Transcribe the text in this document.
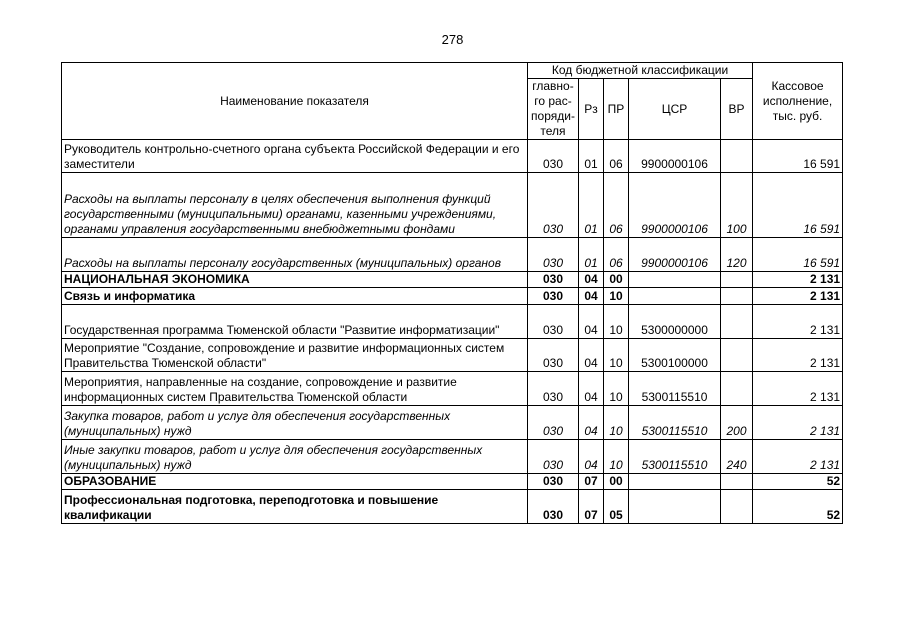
278
Наименование показателя	Код бюджетной классификации					Кассовое исполнение, тыс. руб.
	главно-го рас-поряди-теля	Рз	ПР	ЦСР	ВР	
Руководитель контрольно-счетного органа субъекта Российской Федерации и его заместители	030	01	06	9900000106		16 591
Расходы на выплаты персоналу в целях обеспечения выполнения функций государственными (муниципальными) органами, казенными учреждениями, органами управления государственными внебюджетными фондами	030	01	06	9900000106	100	16 591
Расходы на выплаты персоналу государственных (муниципальных) органов	030	01	06	9900000106	120	16 591
НАЦИОНАЛЬНАЯ ЭКОНОМИКА	030	04	00			2 131
Связь и информатика	030	04	10			2 131
Государственная программа Тюменской области "Развитие информатизации"	030	04	10	5300000000		2 131
Мероприятие "Создание, сопровождение и развитие информационных систем Правительства Тюменской области"	030	04	10	5300100000		2 131
Мероприятия, направленные на создание, сопровождение и развитие информационных систем Правительства Тюменской области	030	04	10	5300115510		2 131
Закупка товаров, работ и услуг для обеспечения государственных (муниципальных) нужд	030	04	10	5300115510	200	2 131
Иные закупки товаров, работ и услуг для обеспечения государственных (муниципальных) нужд	030	04	10	5300115510	240	2 131
ОБРАЗОВАНИЕ	030	07	00			52
Профессиональная подготовка, переподготовка и повышение квалификации	030	07	05			52
